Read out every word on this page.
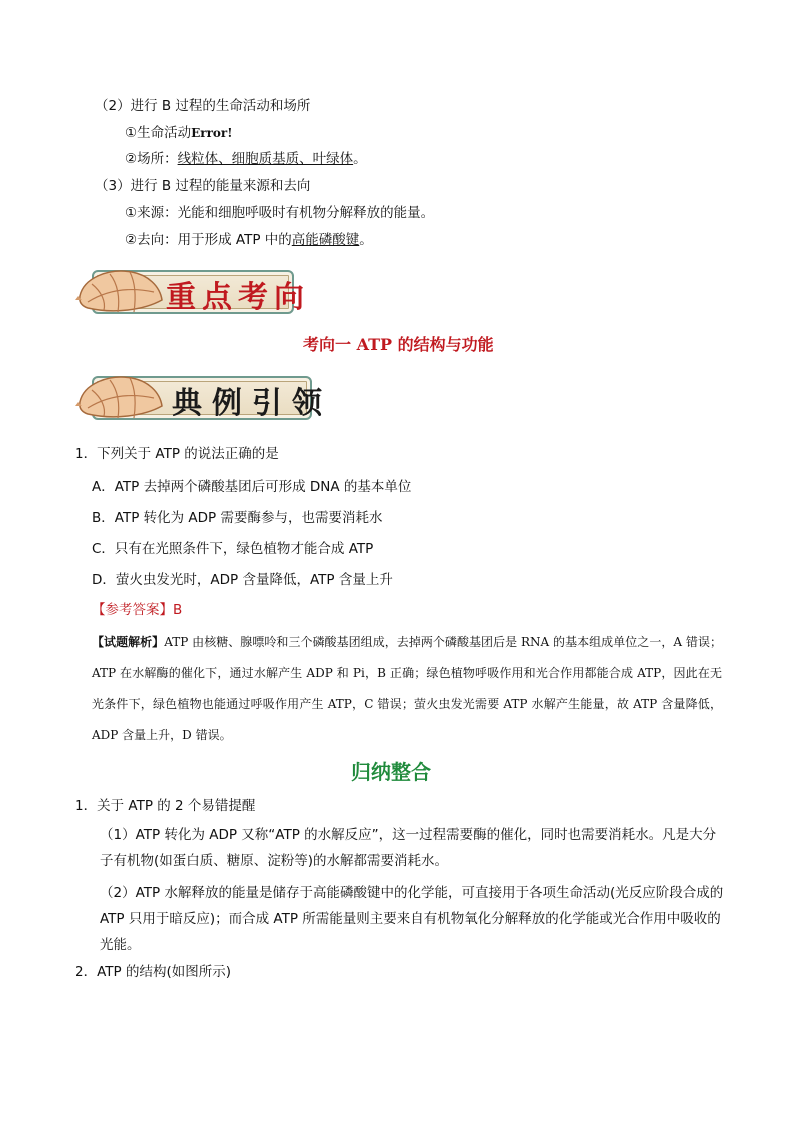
（2）进行 B 过程的生命活动和场所
①生命活动Error!
②场所：线粒体、细胞质基质、叶绿体。
（3）进行 B 过程的能量来源和去向
①来源：光能和细胞呼吸时有机物分解释放的能量。
②去向：用于形成 ATP 中的高能磷酸键。
重点考向
考向一 ATP 的结构与功能
典例引领
1．下列关于 ATP 的说法正确的是
A．ATP 去掉两个磷酸基团后可形成 DNA 的基本单位
B．ATP 转化为 ADP 需要酶参与，也需要消耗水
C．只有在光照条件下，绿色植物才能合成 ATP
D．萤火虫发光时，ADP 含量降低，ATP 含量上升
【参考答案】B
【试题解析】ATP 由核糖、腺嘌呤和三个磷酸基团组成，去掉两个磷酸基团后是 RNA 的基本组成单位之一，A 错误；ATP 在水解酶的催化下，通过水解产生 ADP 和 Pi，B 正确；绿色植物呼吸作用和光合作用都能合成 ATP，因此在无光条件下，绿色植物也能通过呼吸作用产生 ATP，C 错误；萤火虫发光需要 ATP 水解产生能量，故 ATP 含量降低，ADP 含量上升，D 错误。
归纳整合
1．关于 ATP 的 2 个易错提醒
（1）ATP 转化为 ADP 又称“ATP 的水解反应”，这一过程需要酶的催化，同时也需要消耗水。凡是大分子有机物(如蛋白质、糖原、淀粉等)的水解都需要消耗水。
（2）ATP 水解释放的能量是储存于高能磷酸键中的化学能，可直接用于各项生命活动(光反应阶段合成的 ATP 只用于暗反应)；而合成 ATP 所需能量则主要来自有机物氧化分解释放的化学能或光合作用中吸收的光能。
2．ATP 的结构(如图所示)
